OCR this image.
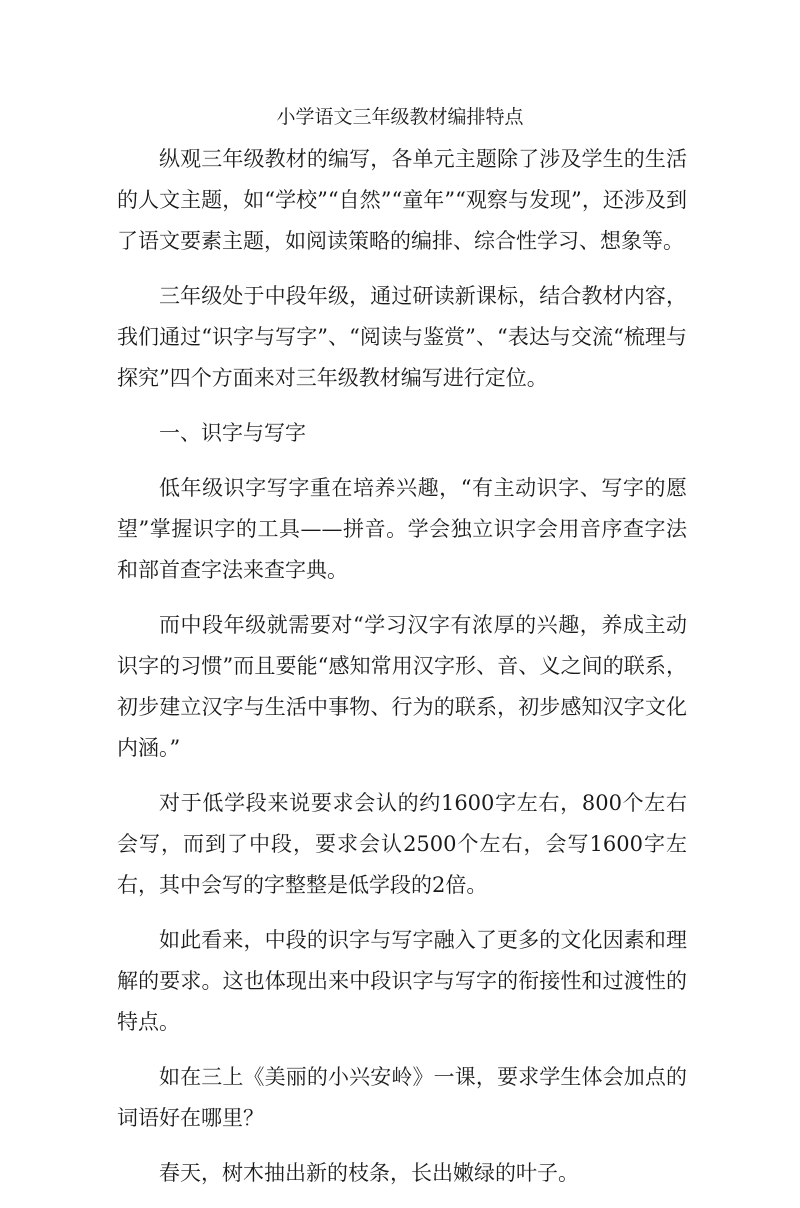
小学语文三年级教材编排特点

纵观三年级教材的编写，各单元主题除了涉及学生的生活的人文主题，如“学校”“自然”“童年”“观察与发现”，还涉及到了语文要素主题，如阅读策略的编排、综合性学习、想象等。

三年级处于中段年级，通过研读新课标，结合教材内容，我们通过“识字与写字”、“阅读与鉴赏”、“表达与交流“梳理与探究”四个方面来对三年级教材编写进行定位。

一、识字与写字

低年级识字写字重在培养兴趣，“有主动识字、写字的愿望”掌握识字的工具——拼音。学会独立识字会用音序查字法和部首查字法来查字典。

而中段年级就需要对“学习汉字有浓厚的兴趣，养成主动识字的习惯”而且要能“感知常用汉字形、音、义之间的联系，初步建立汉字与生活中事物、行为的联系，初步感知汉字文化内涵。”

对于低学段来说要求会认的约1600字左右，800个左右会写，而到了中段，要求会认2500个左右，会写1600字左右，其中会写的字整整是低学段的2倍。

如此看来，中段的识字与写字融入了更多的文化因素和理解的要求。这也体现出来中段识字与写字的衔接性和过渡性的特点。

如在三上《美丽的小兴安岭》一课，要求学生体会加点的词语好在哪里？

春天，树木抽出新的枝条，长出嫩绿的叶子。
